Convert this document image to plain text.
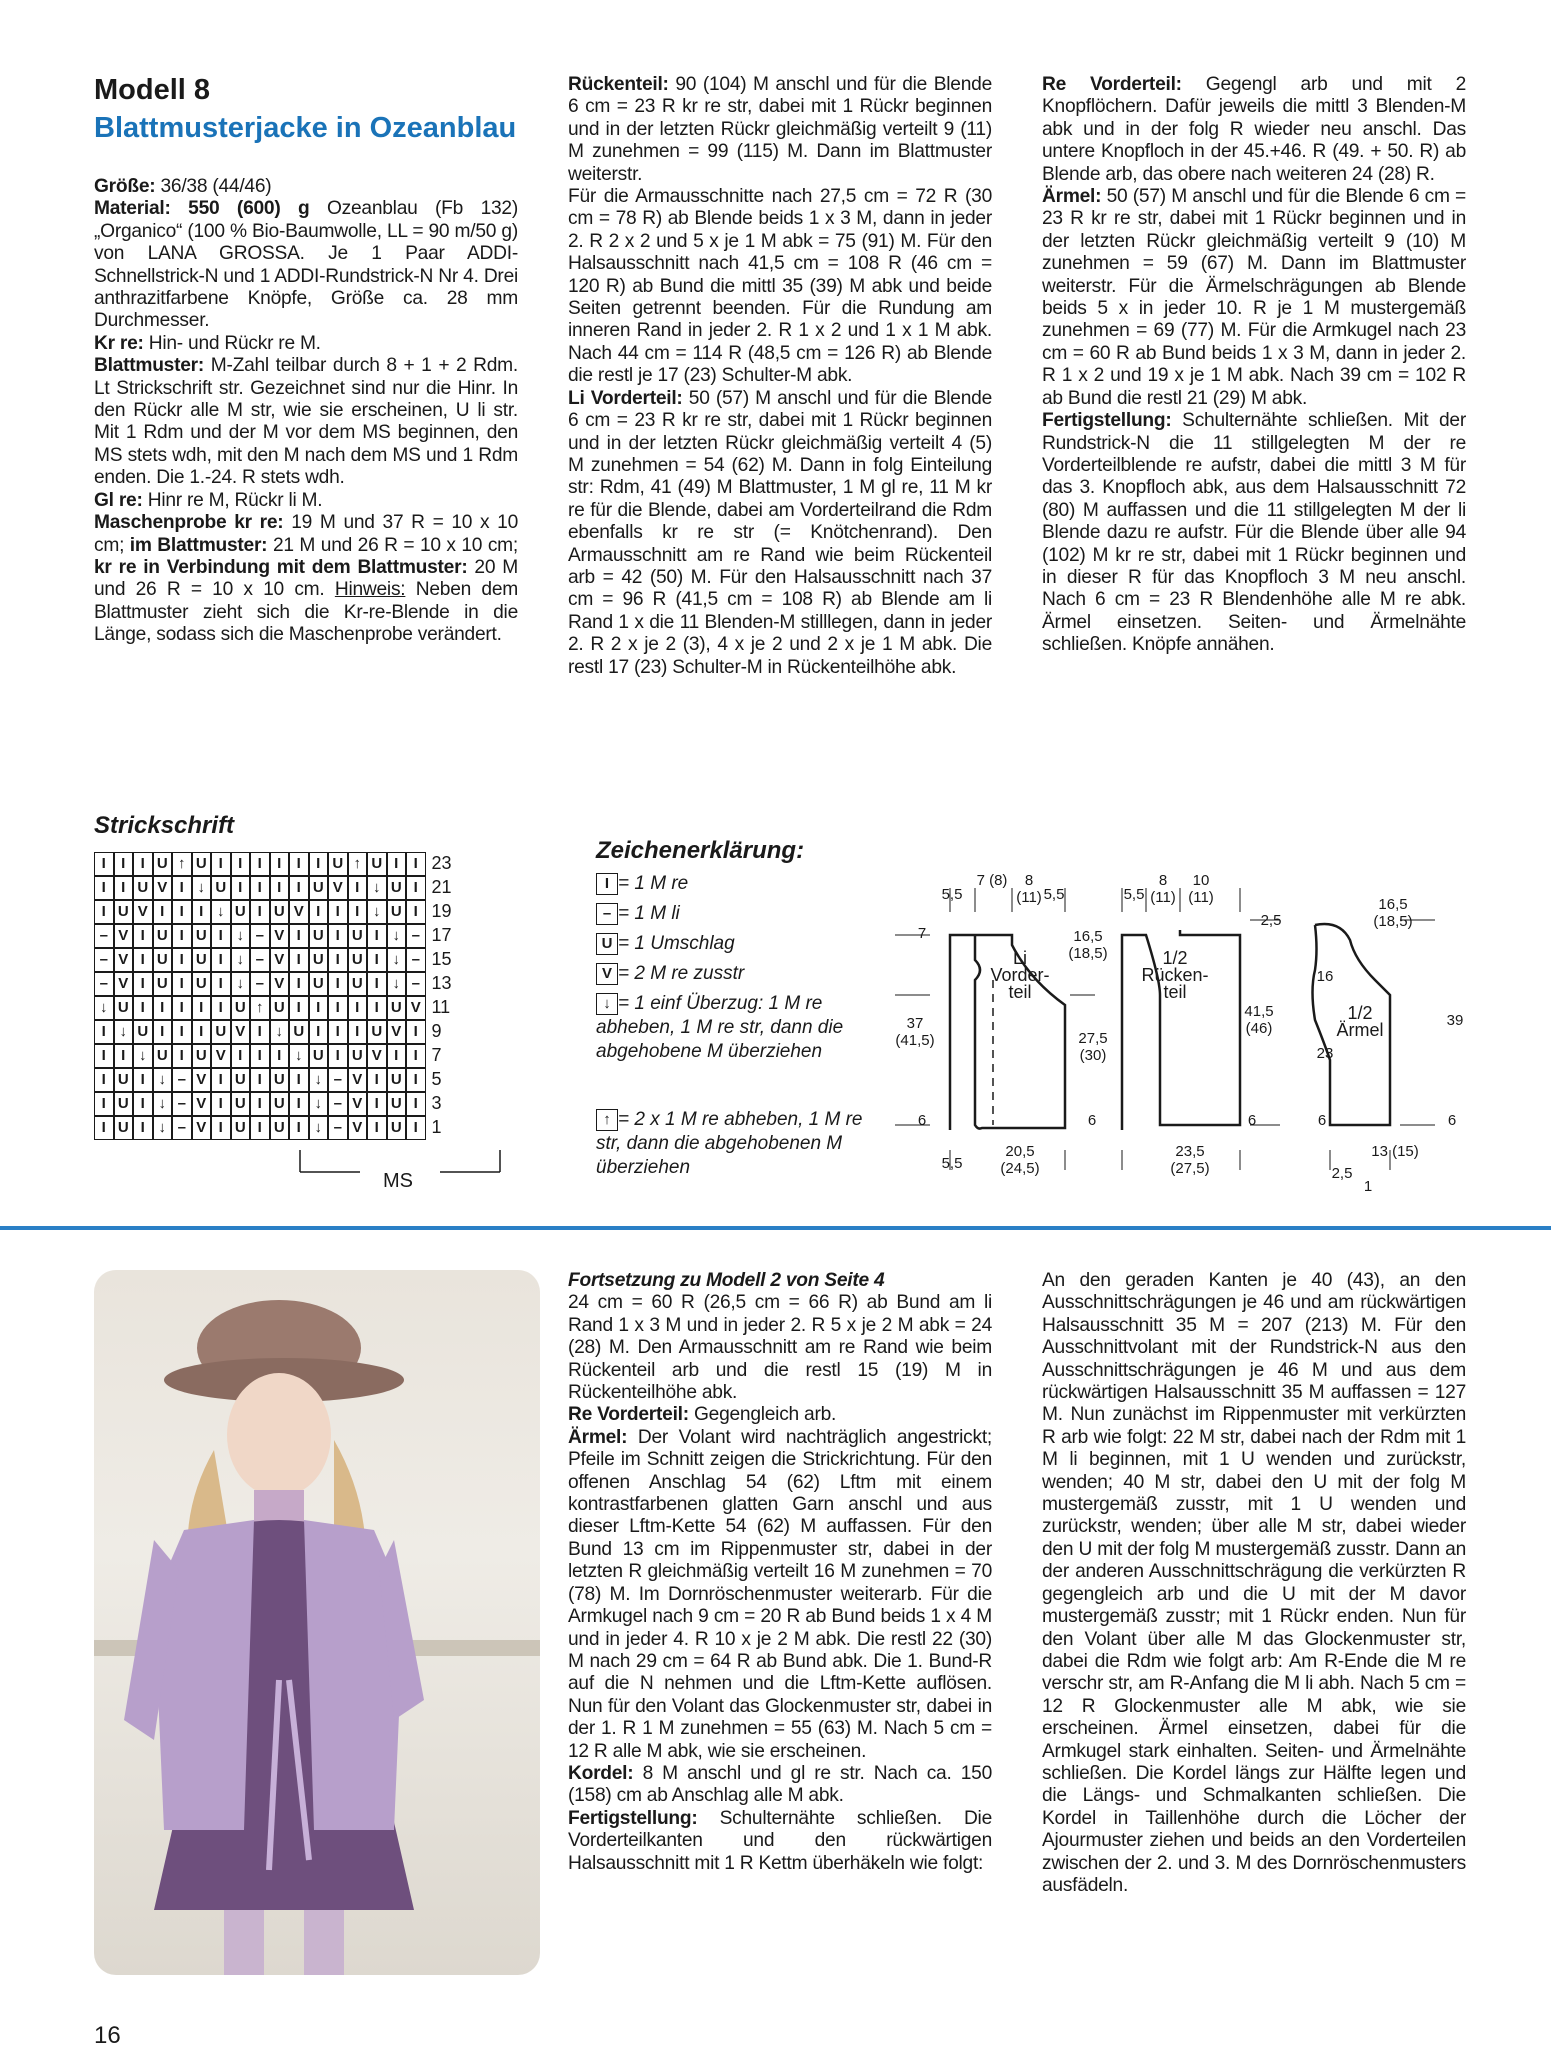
Modell 8
Blattmusterjacke in Ozeanblau

Größe: 36/38 (44/46)

Material: 550 (600) g Ozeanblau (Fb 132) „Organico“ (100 % Bio-Baumwolle, LL = 90 m/50 g) von LANA GROSSA. Je 1 Paar ADDI-Schnellstrick-N und 1 ADDI-Rundstrick-N Nr 4. Drei anthrazitfarbene Knöpfe, Größe ca. 28 mm Durchmesser.

Kr re: Hin- und Rückr re M.

Blattmuster: M-Zahl teilbar durch 8 + 1 + 2 Rdm. Lt Strickschrift str. Gezeichnet sind nur die Hinr. In den Rückr alle M str, wie sie erscheinen, U li str. Mit 1 Rdm und der M vor dem MS beginnen, den MS stets wdh, mit den M nach dem MS und 1 Rdm enden. Die 1.-24. R stets wdh.

Gl re: Hinr re M, Rückr li M.

Maschenprobe kr re: 19 M und 37 R = 10 x 10 cm; im Blattmuster: 21 M und 26 R = 10 x 10 cm; kr re in Verbindung mit dem Blattmuster: 20 M und 26 R = 10 x 10 cm. Hinweis: Neben dem Blattmuster zieht sich die Kr-re-Blende in die Länge, sodass sich die Maschenprobe verändert.

Rückenteil: 90 (104) M anschl und für die Blende 6 cm = 23 R kr re str, dabei mit 1 Rückr beginnen und in der letzten Rückr gleichmäßig verteilt 9 (11) M zunehmen = 99 (115) M. Dann im Blattmuster weiterstr.

Für die Armausschnitte nach 27,5 cm = 72 R (30 cm = 78 R) ab Blende beids 1 x 3 M, dann in jeder 2. R 2 x 2 und 5 x je 1 M abk = 75 (91) M. Für den Halsausschnitt nach 41,5 cm = 108 R (46 cm = 120 R) ab Bund die mittl 35 (39) M abk und beide Seiten getrennt beenden. Für die Rundung am inneren Rand in jeder 2. R 1 x 2 und 1 x 1 M abk. Nach 44 cm = 114 R (48,5 cm = 126 R) ab Blende die restl je 17 (23) Schulter-M abk.

Li Vorderteil: 50 (57) M anschl und für die Blende 6 cm = 23 R kr re str, dabei mit 1 Rückr beginnen und in der letzten Rückr gleichmäßig verteilt 4 (5) M zunehmen = 54 (62) M. Dann in folg Einteilung str: Rdm, 41 (49) M Blattmuster, 1 M gl re, 11 M kr re für die Blende, dabei am Vorderteilrand die Rdm ebenfalls kr re str (= Knötchenrand). Den Armausschnitt am re Rand wie beim Rückenteil arb = 42 (50) M. Für den Halsausschnitt nach 37 cm = 96 R (41,5 cm = 108 R) ab Blende am li Rand 1 x die 11 Blenden-M stilllegen, dann in jeder 2. R 2 x je 2 (3), 4 x je 2 und 2 x je 1 M abk. Die restl 17 (23) Schulter-M in Rückenteilhöhe abk.

Re Vorderteil: Gegengl arb und mit 2 Knopflöchern. Dafür jeweils die mittl 3 Blenden-M abk und in der folg R wieder neu anschl. Das untere Knopfloch in der 45.+46. R (49. + 50. R) ab Blende arb, das obere nach weiteren 24 (28) R.

Ärmel: 50 (57) M anschl und für die Blende 6 cm = 23 R kr re str, dabei mit 1 Rückr beginnen und in der letzten Rückr gleichmäßig verteilt 9 (10) M zunehmen = 59 (67) M. Dann im Blattmuster weiterstr. Für die Ärmelschrägungen ab Blende beids 5 x in jeder 10. R je 1 M mustergemäß zunehmen = 69 (77) M. Für die Armkugel nach 23 cm = 60 R ab Bund beids 1 x 3 M, dann in jeder 2. R 1 x 2 und 19 x je 1 M abk. Nach 39 cm = 102 R ab Bund die restl 21 (29) M abk.

Fertigstellung: Schulternähte schließen. Mit der Rundstrick-N die 11 stillgelegten M der re Vorderteilblende re aufstr, dabei die mittl 3 M für das 3. Knopfloch abk, aus dem Halsausschnitt 72 (80) M auffassen und die 11 stillgelegten M der li Blende dazu re aufstr. Für die Blende über alle 94 (102) M kr re str, dabei mit 1 Rückr beginnen und in dieser R für das Knopfloch 3 M neu anschl. Nach 6 cm = 23 R Blendenhöhe alle M re abk. Ärmel einsetzen. Seiten- und Ärmelnähte schließen. Knöpfe annähen.

Strickschrift
I	I	I U ↑ U I	I	I	I	I	I U ↑ U I	I 23
I	I U V I ↓ U I	I	I	I U V I ↓ U I 21
I U V I	I	I ↓ U I U V I	I	I ↓ U I 19
– V I U I U I ↓ – V I U I U I ↓ – 17
– V I U I U I ↓ – V I U I U I ↓ – 15
– V I U I U I ↓ – V I U I U I ↓ – 13
↓ U I	I	I	I	I U ↑ U I	I	I	I	I U V 11
I ↓ U I	I	I U V I ↓ U I	I	I U V I 9
I	I ↓ U I U V I	I	I ↓ U I U V I	I 7
I U I ↓ – V I U I U I ↓ – V I U I 5
I U I ↓ – V I U I U I ↓ – V I U I 3
I U I ↓ – V I U I U I ↓ – V I U I 1
MS
Zeichenerklärung:
I = 1 M re
– = 1 M li
U = 1 Umschlag
V = 2 M re zusstr
↓ = 1 einf Überzug: 1 M re abheben, 1 M re str, dann die abgehobene M überziehen
↑ = 2 x 1 M re abheben, 1 M re str, dann die abgehobenen M überziehen
Li Vorder-teil
1/2 Rücken-teil
1/2 Ärmel
5,5
7 (8)	8 (11) 5,5	5,5
8 (11)
10 (11)
2,5
16,5 (18,5)
16,5 (18,5)
7
37 (41,5)	27,5 (30)
41,5 (46)
16
39
23
6	6	6	6	6
5,5
20,5 (24,5)
23,5 (27,5)	2,5
1
13 (15)

Fortsetzung zu Modell 2 von Seite 4

24 cm = 60 R (26,5 cm = 66 R) ab Bund am li Rand 1 x 3 M und in jeder 2. R 5 x je 2 M abk = 24 (28) M. Den Armausschnitt am re Rand wie beim Rückenteil arb und die restl 15 (19) M in Rückenteilhöhe abk.

Re Vorderteil: Gegengleich arb.

Ärmel: Der Volant wird nachträglich angestrickt; Pfeile im Schnitt zeigen die Strickrichtung. Für den offenen Anschlag 54 (62) Lftm mit einem kontrastfarbenen glatten Garn anschl und aus dieser Lftm-Kette 54 (62) M auffassen. Für den Bund 13 cm im Rippenmuster str, dabei in der letzten R gleichmäßig verteilt 16 M zunehmen = 70 (78) M. Im Dornröschenmuster weiterarb. Für die Armkugel nach 9 cm = 20 R ab Bund beids 1 x 4 M und in jeder 4. R 10 x je 2 M abk. Die restl 22 (30) M nach 29 cm = 64 R ab Bund abk. Die 1. Bund-R auf die N nehmen und die Lftm-Kette auflösen. Nun für den Volant das Glockenmuster str, dabei in der 1. R 1 M zunehmen = 55 (63) M. Nach 5 cm = 12 R alle M abk, wie sie erscheinen.

Kordel: 8 M anschl und gl re str. Nach ca. 150 (158) cm ab Anschlag alle M abk.

Fertigstellung: Schulternähte schließen. Die Vorderteilkanten und den rückwärtigen Halsausschnitt mit 1 R Kettm überhäkeln wie folgt:

An den geraden Kanten je 40 (43), an den Ausschnittschrägungen je 46 und am rückwärtigen Halsausschnitt 35 M = 207 (213) M. Für den Ausschnittvolant mit der Rundstrick-N aus den Ausschnittschrägungen je 46 M und aus dem rückwärtigen Halsausschnitt 35 M auffassen = 127 M. Nun zunächst im Rippenmuster mit verkürzten R arb wie folgt: 22 M str, dabei nach der Rdm mit 1 M li beginnen, mit 1 U wenden und zurückstr, wenden; 40 M str, dabei den U mit der folg M mustergemäß zusstr, mit 1 U wenden und zurückstr, wenden; über alle M str, dabei wieder den U mit der folg M mustergemäß zusstr. Dann an der anderen Ausschnittschrägung die verkürzten R gegengleich arb und die U mit der M davor mustergemäß zusstr; mit 1 Rückr enden. Nun für den Volant über alle M das Glockenmuster str, dabei die Rdm wie folgt arb: Am R-Ende die M re verschr str, am R-Anfang die M li abh. Nach 5 cm = 12 R Glockenmuster alle M abk, wie sie erscheinen. Ärmel einsetzen, dabei für die Armkugel stark einhalten. Seiten- und Ärmelnähte schließen. Die Kordel längs zur Hälfte legen und die Längs- und Schmalkanten schließen. Die Kordel in Taillenhöhe durch die Löcher der Ajourmuster ziehen und beids an den Vorderteilen zwischen der 2. und 3. M des Dornröschenmusters ausfädeln.

16
